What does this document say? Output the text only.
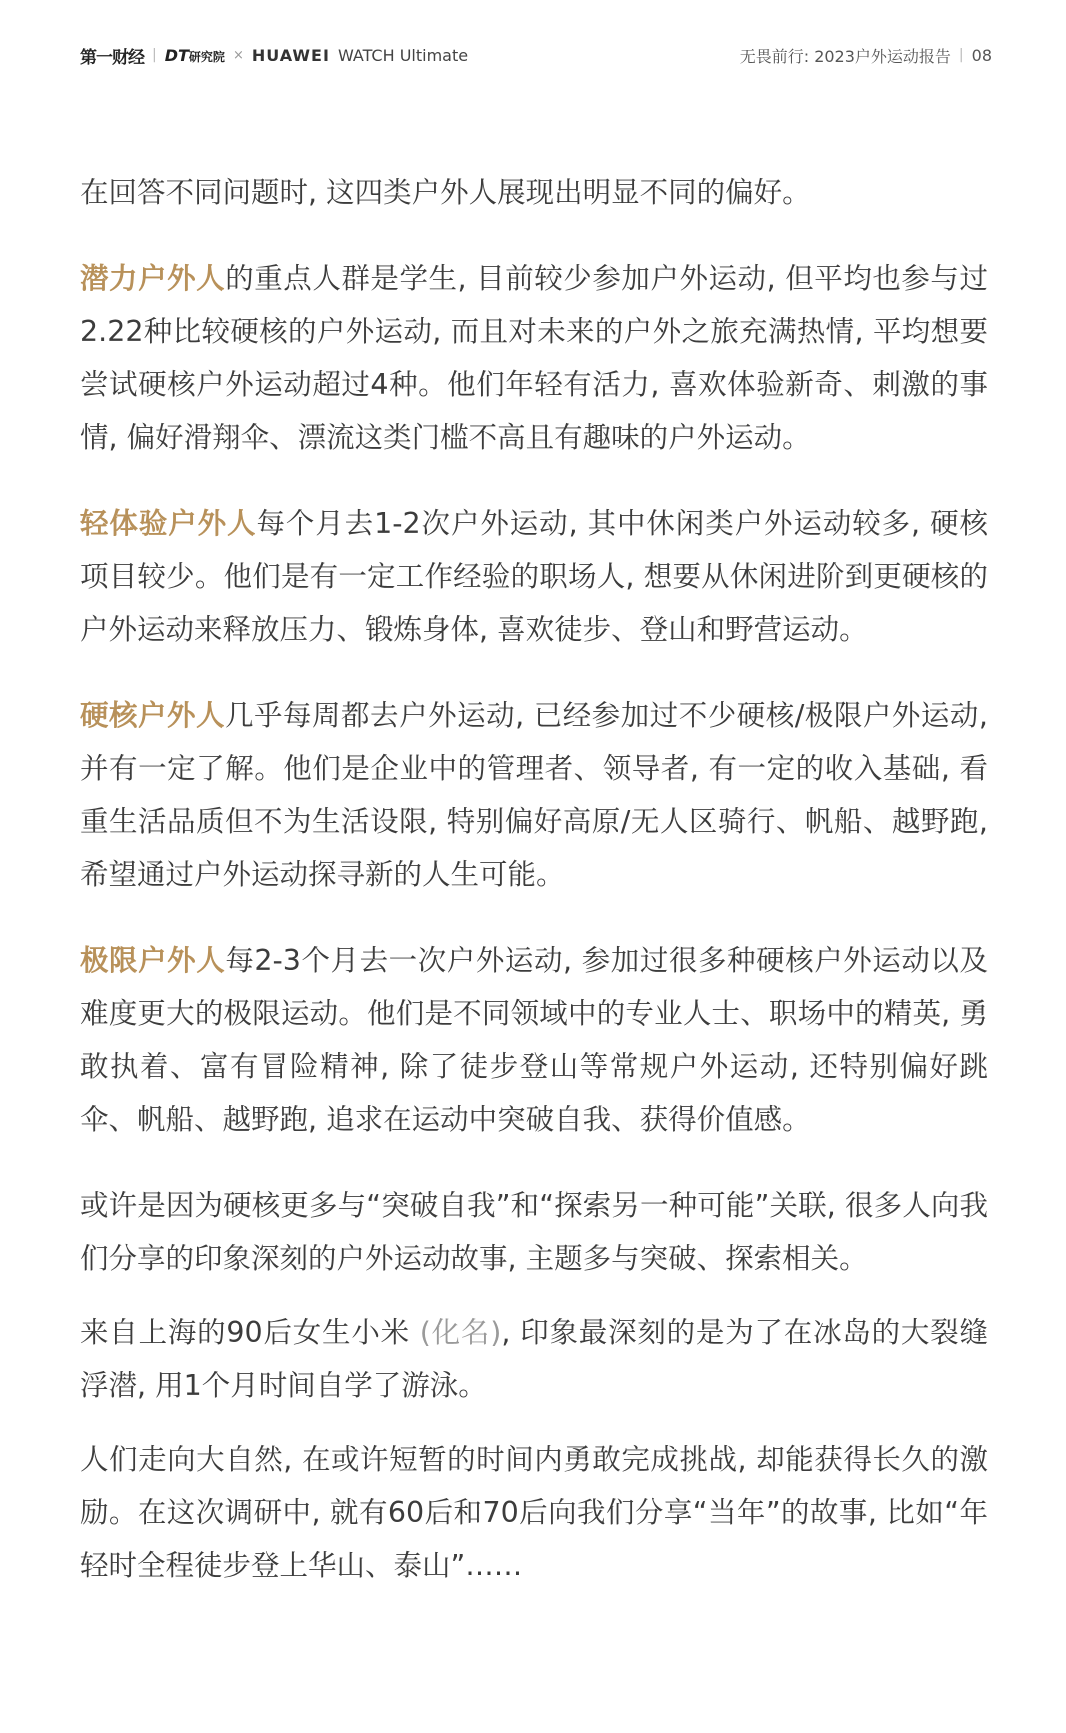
第一财经 | DT研究院 × HUAWEI WATCH Ultimate	无畏前行: 2023户外运动报告 | 08

在回答不同问题时, 这四类户外人展现出明显不同的偏好。

潜力户外人的重点人群是学生, 目前较少参加户外运动, 但平均也参与过2.22种比较硬核的户外运动, 而且对未来的户外之旅充满热情, 平均想要尝试硬核户外运动超过4种。他们年轻有活力, 喜欢体验新奇、刺激的事情, 偏好滑翔伞、漂流这类门槛不高且有趣味的户外运动。

轻体验户外人每个月去1-2次户外运动, 其中休闲类户外运动较多, 硬核项目较少。他们是有一定工作经验的职场人, 想要从休闲进阶到更硬核的户外运动来释放压力、锻炼身体, 喜欢徒步、登山和野营运动。

硬核户外人几乎每周都去户外运动, 已经参加过不少硬核/极限户外运动, 并有一定了解。他们是企业中的管理者、领导者, 有一定的收入基础, 看重生活品质但不为生活设限, 特别偏好高原/无人区骑行、帆船、越野跑, 希望通过户外运动探寻新的人生可能。

极限户外人每2-3个月去一次户外运动, 参加过很多种硬核户外运动以及难度更大的极限运动。他们是不同领域中的专业人士、职场中的精英, 勇敢执着、富有冒险精神, 除了徒步登山等常规户外运动, 还特别偏好跳伞、帆船、越野跑, 追求在运动中突破自我、获得价值感。

或许是因为硬核更多与“突破自我”和“探索另一种可能”关联, 很多人向我们分享的印象深刻的户外运动故事, 主题多与突破、探索相关。

来自上海的90后女生小米 (化名), 印象最深刻的是为了在冰岛的大裂缝浮潜, 用1个月时间自学了游泳。

人们走向大自然, 在或许短暂的时间内勇敢完成挑战, 却能获得长久的激励。在这次调研中, 就有60后和70后向我们分享“当年”的故事, 比如“年轻时全程徒步登上华山、泰山”……
